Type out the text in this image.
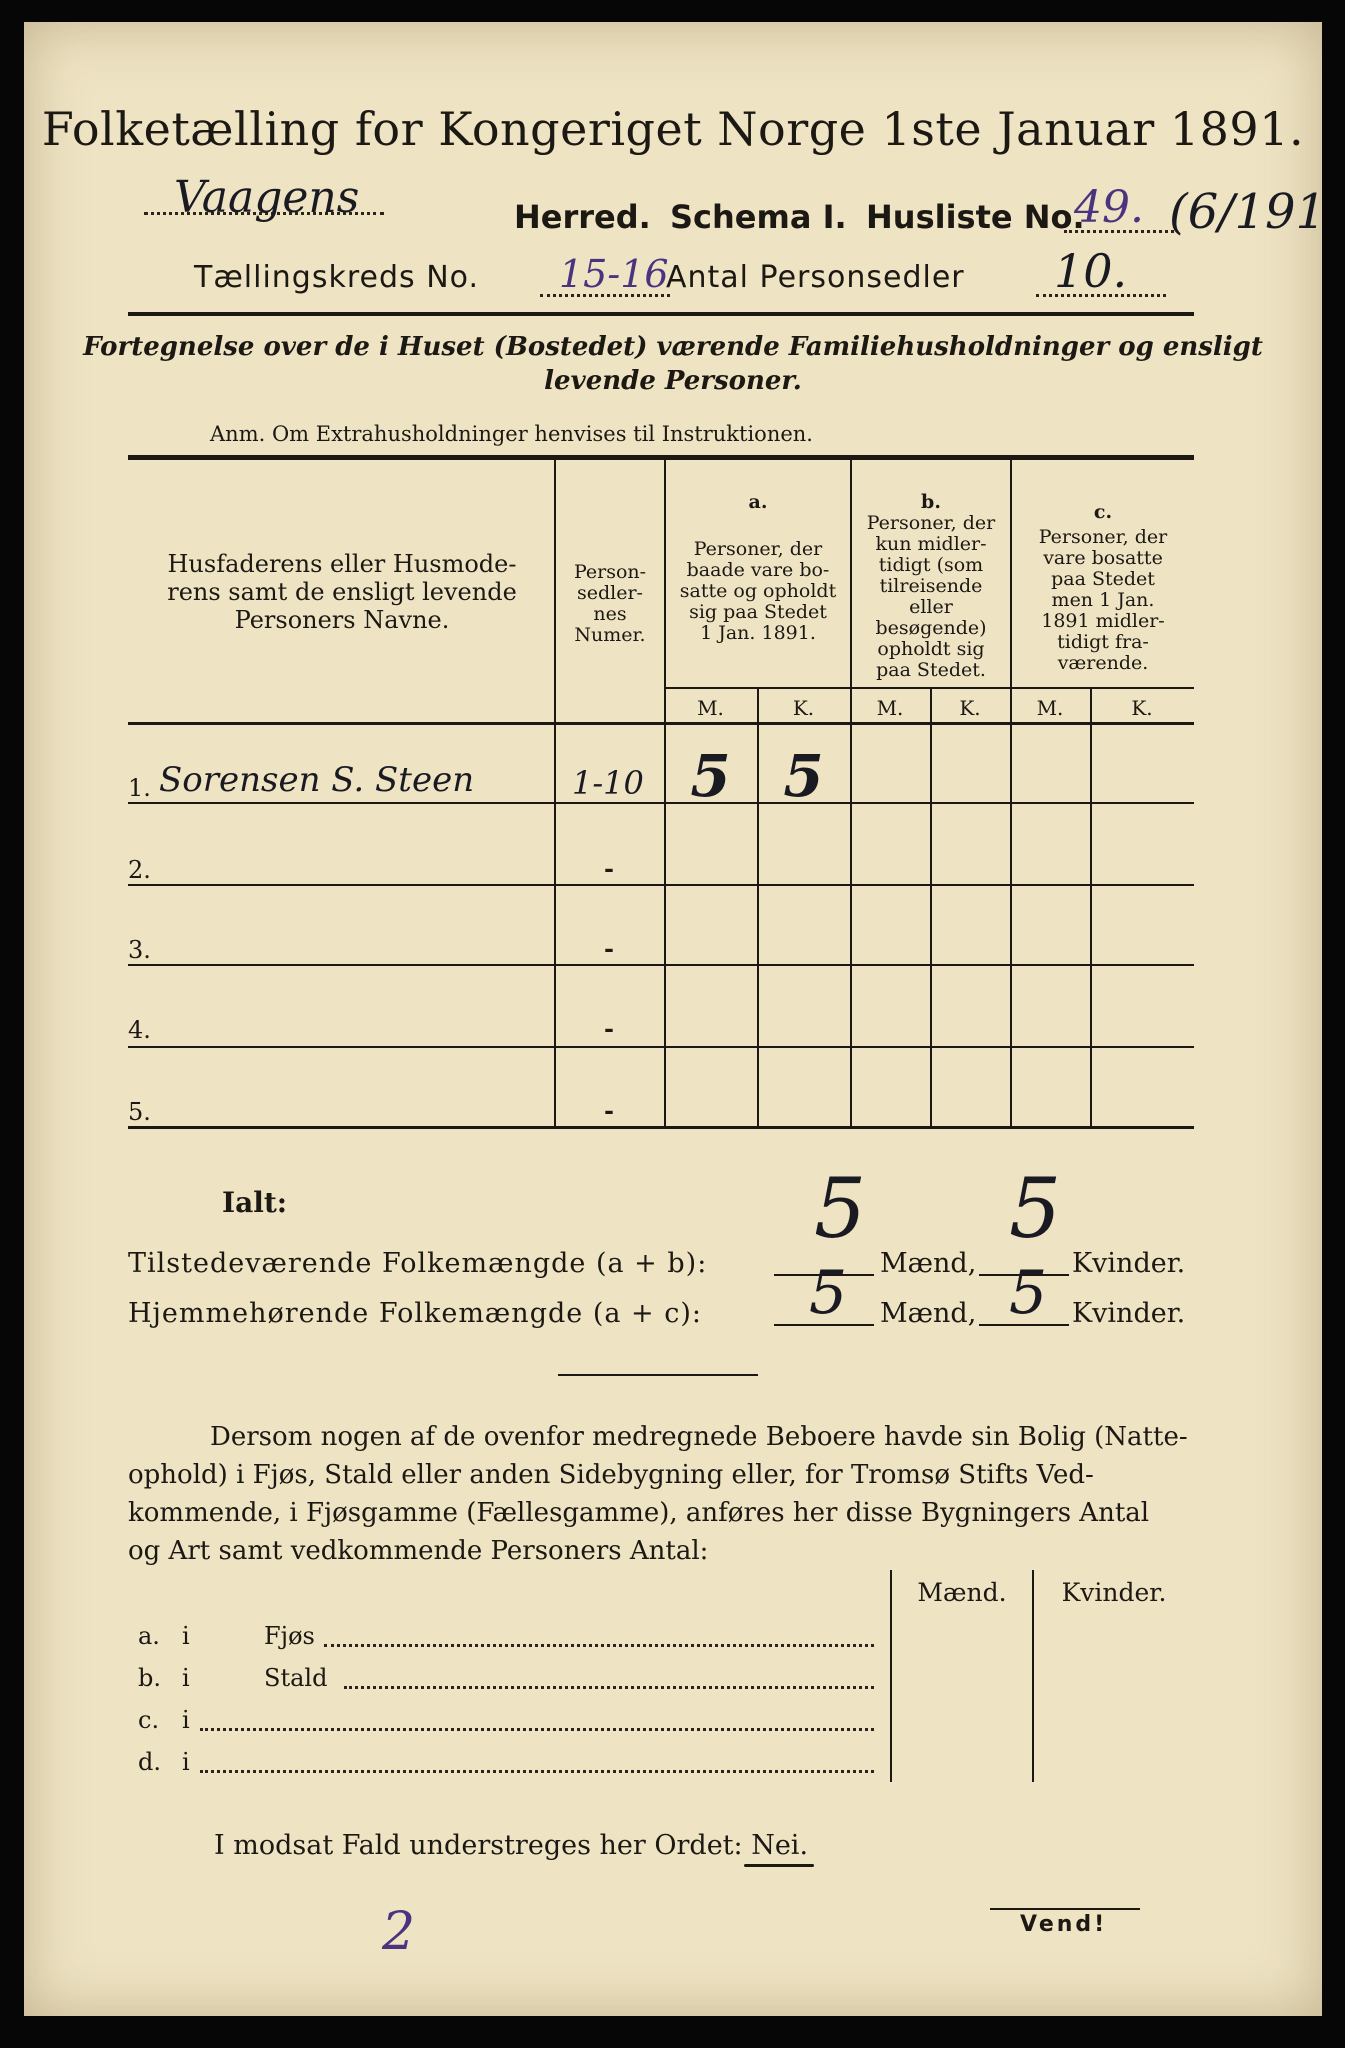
Folketælling for Kongeriget Norge 1ste Januar 1891.
Vaagens	Herred. Schema I. Husliste No.
49. (6/191
Tællingskreds No. 15-16
Antal Personsedler 10.
Fortegnelse over de i Huset (Bostedet) værende Familiehusholdninger og ensligt
levende Personer.
Anm. Om Extrahusholdninger henvises til Instruktionen.
Husfaderens eller Husmode-
rens samt de ensligt levende
Personers Navne.
Person-
sedler-
nes
Numer.
a.
Personer, der
baade vare bo-
satte og opholdt
sig paa Stedet
1 Jan. 1891.
b.
Personer, der
kun midler-
tidigt (som
tilreisende
eller
besøgende)
opholdt sig
paa Stedet.
c.
Personer, der
vare bosatte
paa Stedet
men 1 Jan.
1891 midler-
tidigt fra-
værende.
M.	K.	M.	K.	M.	K.
1. Sorensen S. Steen	1-10 5 5
2.	-
3.	-
4.	-
5.	-
Ialt:
Tilstedeværende Folkemængde (a + b):
5
Mænd,
5
Kvinder.
Hjemmehørende Folkemængde (a + c): 5 Mænd, 5 Kvinder.
Dersom nogen af de ovenfor medregnede Beboere havde sin Bolig (Natte-
ophold) i Fjøs, Stald eller anden Sidebygning eller, for Tromsø Stifts Ved-
kommende, i Fjøsgamme (Fællesgamme), anføres her disse Bygningers Antal
og Art samt vedkommende Personers Antal:
Mænd.	Kvinder.
a. i	Fjøs
b. i	Stald
c. i
d. i
I modsat Fald understreges her Ordet: Nei.
2	Vend!
